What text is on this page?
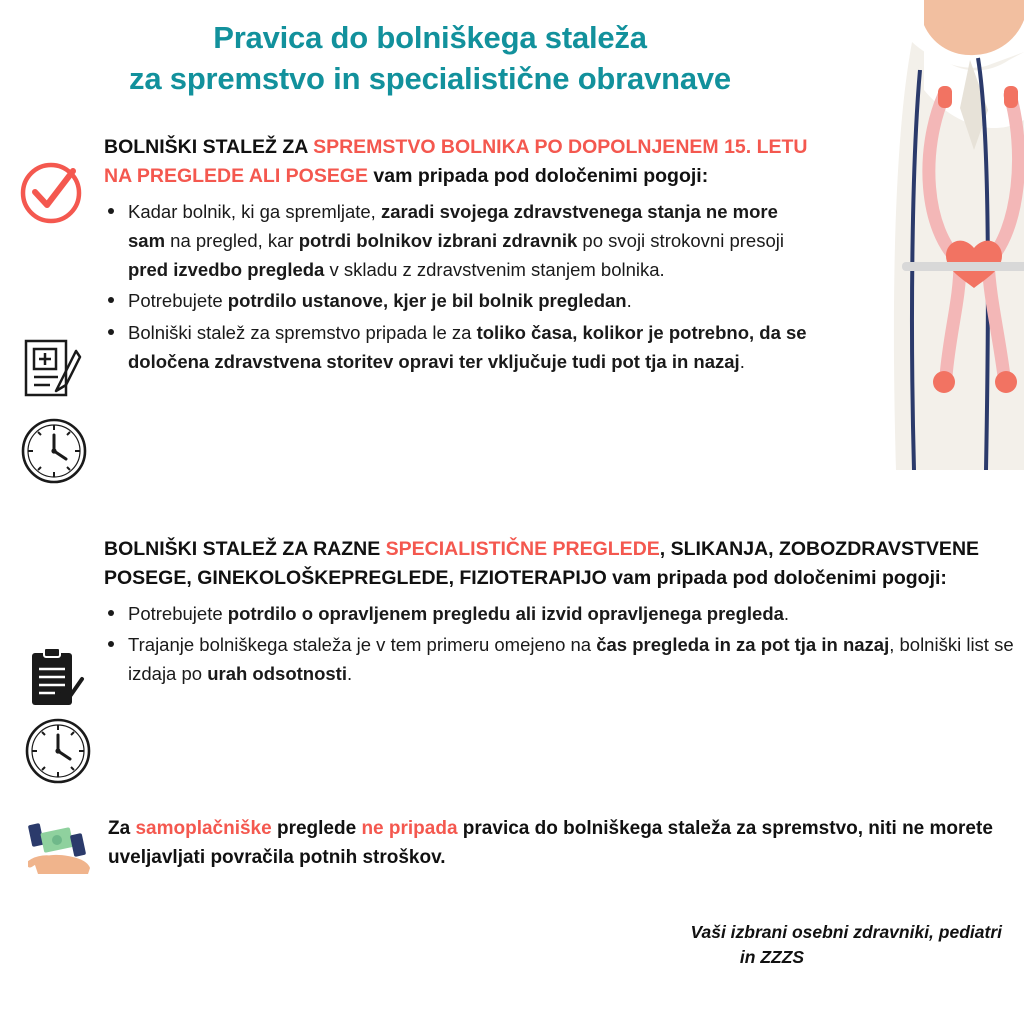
Pravica do bolniškega staleža
za spremstvo in specialistične obravnave
BOLNIŠKI STALEŽ ZA SPREMSTVO BOLNIKA PO DOPOLNJENEM 15. LETU NA PREGLEDE ALI POSEGE vam pripada pod določenimi pogoji:
Kadar bolnik, ki ga spremljate, zaradi svojega zdravstvenega stanja ne more sam na pregled, kar potrdi bolnikov izbrani zdravnik po svoji strokovni presoji pred izvedbo pregleda v skladu z zdravstvenim stanjem bolnika.
Potrebujete potrdilo ustanove, kjer je bil bolnik pregledan.
Bolniški stalež za spremstvo pripada le za toliko časa, kolikor je potrebno, da se določena zdravstvena storitev opravi ter vključuje tudi pot tja in nazaj.
BOLNIŠKI STALEŽ ZA RAZNE SPECIALISTIČNE PREGLEDE, SLIKANJA, ZOBOZDRAVSTVENE POSEGE, GINEKOLOŠKEPREGLEDE, FIZIOTERAPIJO vam pripada pod določenimi pogoji:
Potrebujete potrdilo o opravljenem pregledu ali izvid opravljenega pregleda.
Trajanje bolniškega staleža je v tem primeru omejeno na čas pregleda in za pot tja in nazaj, bolniški list se izdaja po urah odsotnosti.
Za samoplačniške preglede ne pripada pravica do bolniškega staleža za spremstvo, niti ne morete uveljavljati povračila potnih stroškov.
Vaši izbrani osebni zdravniki, pediatri
in ZZZS
